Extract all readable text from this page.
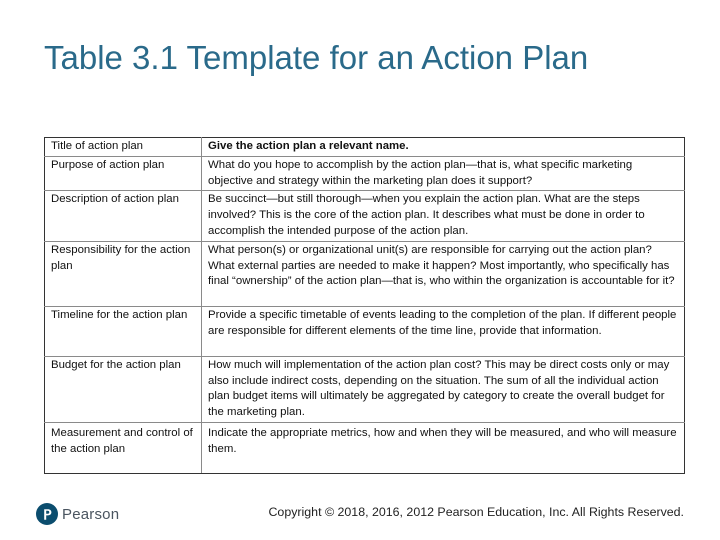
Table 3.1 Template for an Action Plan
Title of action plan	Give the action plan a relevant name.
Purpose of action plan	What do you hope to accomplish by the action plan—that is, what specific marketing objective and strategy within the marketing plan does it support?
Description of action plan	Be succinct—but still thorough—when you explain the action plan. What are the steps involved? This is the core of the action plan. It describes what must be done in order to accomplish the intended purpose of the action plan.
Responsibility for the action plan	What person(s) or organizational unit(s) are responsible for carrying out the action plan? What external parties are needed to make it happen? Most importantly, who specifically has final “ownership” of the action plan—that is, who within the organization is accountable for it?
Timeline for the action plan	Provide a specific timetable of events leading to the completion of the plan. If different people are responsible for different elements of the time line, provide that information.
Budget for the action plan	How much will implementation of the action plan cost? This may be direct costs only or may also include indirect costs, depending on the situation. The sum of all the individual action plan budget items will ultimately be aggregated by category to create the overall budget for the marketing plan.
Measurement and control of the action plan	Indicate the appropriate metrics, how and when they will be measured, and who will measure them.
Pearson	Copyright © 2018, 2016, 2012 Pearson Education, Inc. All Rights Reserved.
